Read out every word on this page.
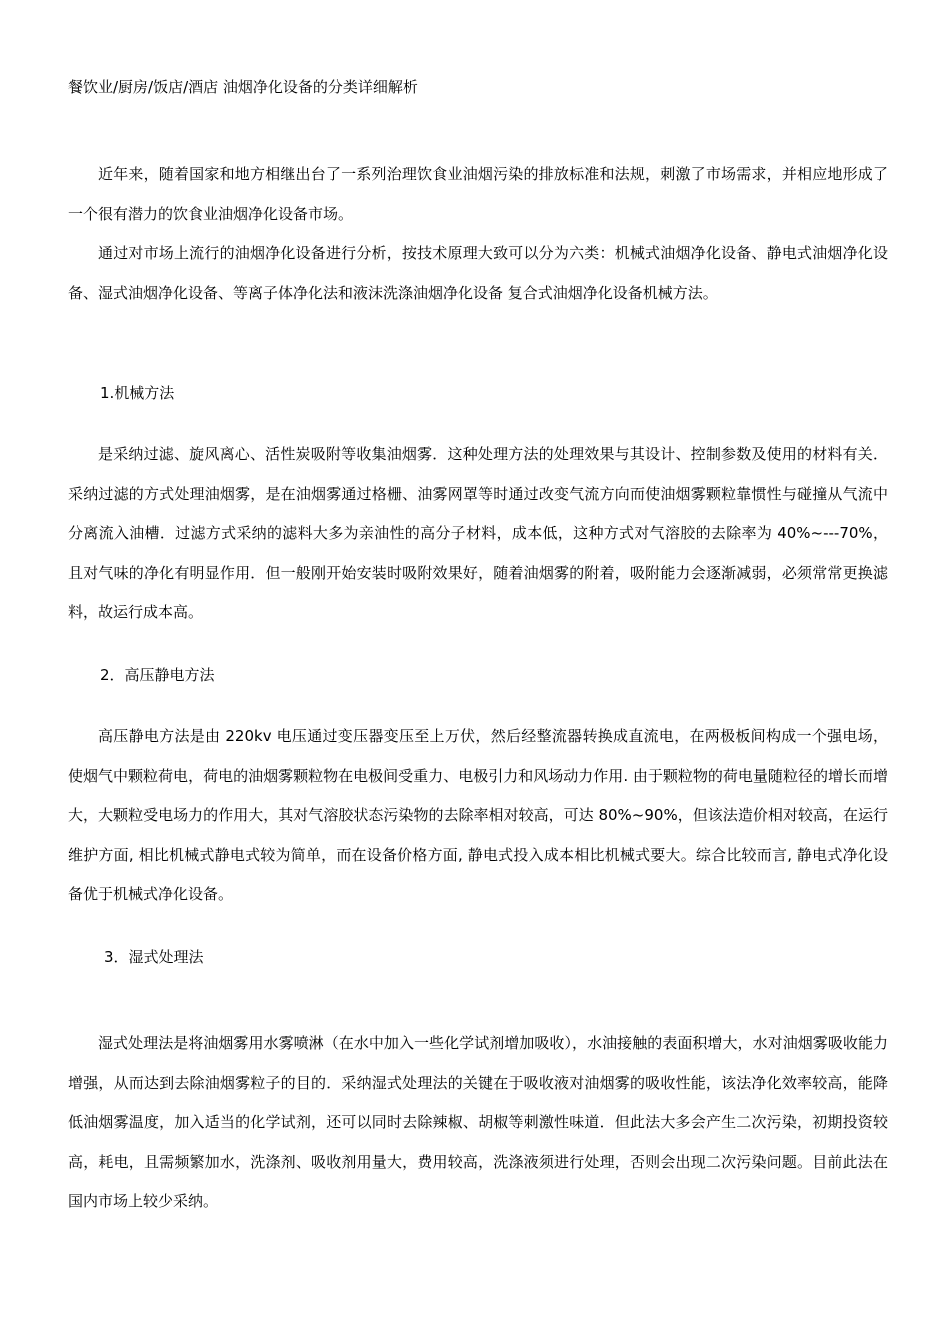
餐饮业/厨房/饭店/酒店 油烟净化设备的分类详细解析

近年来，随着国家和地方相继出台了一系列治理饮食业油烟污染的排放标准和法规，刺激了市场需求，并相应地形成了一个很有潜力的饮食业油烟净化设备市场。

通过对市场上流行的油烟净化设备进行分析，按技术原理大致可以分为六类：机械式油烟净化设备、静电式油烟净化设备、湿式油烟净化设备、等离子体净化法和液沫洗涤油烟净化设备 复合式油烟净化设备机械方法。

1.机械方法

是采纳过滤、旋风离心、活性炭吸附等收集油烟雾．这种处理方法的处理效果与其设计、控制参数及使用的材料有关．采纳过滤的方式处理油烟雾，是在油烟雾通过格栅、油雾网罩等时通过改变气流方向而使油烟雾颗粒靠惯性与碰撞从气流中分离流入油槽．过滤方式采纳的滤料大多为亲油性的高分子材料，成本低，这种方式对气溶胶的去除率为 40%~---70%，且对气味的净化有明显作用．但一般刚开始安装时吸附效果好，随着油烟雾的附着，吸附能力会逐渐减弱，必须常常更换滤料，故运行成本高。

2．高压静电方法

高压静电方法是由 220kv 电压通过变压器变压至上万伏，然后经整流器转换成直流电，在两极板间构成一个强电场，使烟气中颗粒荷电，荷电的油烟雾颗粒物在电极间受重力、电极引力和风场动力作用. 由于颗粒物的荷电量随粒径的增长而增大，大颗粒受电场力的作用大，其对气溶胶状态污染物的去除率相对较高，可达 80%~90%，但该法造价相对较高，在运行维护方面, 相比机械式静电式较为简单，而在设备价格方面, 静电式投入成本相比机械式要大。综合比较而言, 静电式净化设备优于机械式净化设备。

3．湿式处理法

湿式处理法是将油烟雾用水雾喷淋（在水中加入一些化学试剂增加吸收），水油接触的表面积增大，水对油烟雾吸收能力增强，从而达到去除油烟雾粒子的目的．采纳湿式处理法的关键在于吸收液对油烟雾的吸收性能，该法净化效率较高，能降低油烟雾温度，加入适当的化学试剂，还可以同时去除辣椒、胡椒等刺激性味道．但此法大多会产生二次污染，初期投资较高，耗电，且需频繁加水，洗涤剂、吸收剂用量大，费用较高，洗涤液须进行处理，否则会出现二次污染问题。目前此法在国内市场上较少采纳。
